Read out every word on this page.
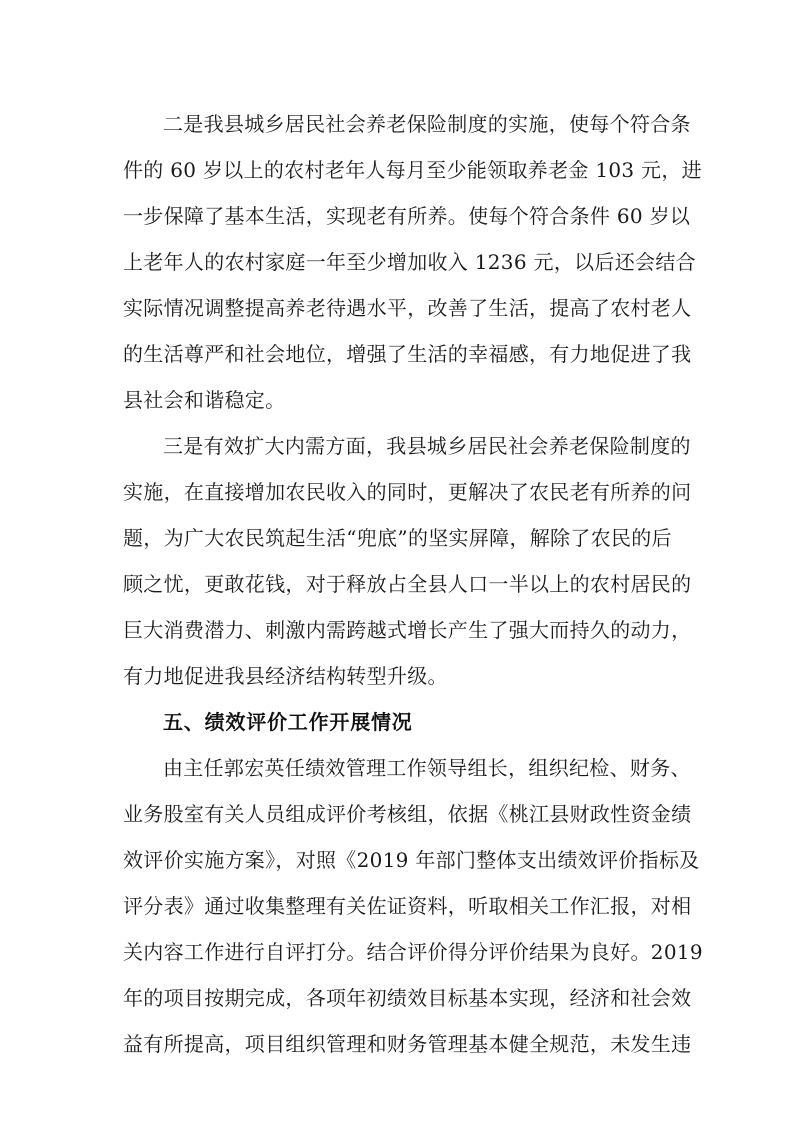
二是我县城乡居民社会养老保险制度的实施，使每个符合条
件的 60 岁以上的农村老年人每月至少能领取养老金 103 元，进
一步保障了基本生活，实现老有所养。使每个符合条件 60 岁以
上老年人的农村家庭一年至少增加收入 1236 元，以后还会结合
实际情况调整提高养老待遇水平，改善了生活，提高了农村老人
的生活尊严和社会地位，增强了生活的幸福感，有力地促进了我
县社会和谐稳定。
三是有效扩大内需方面，我县城乡居民社会养老保险制度的
实施，在直接增加农民收入的同时，更解决了农民老有所养的问
题，为广大农民筑起生活“兜底”的坚实屏障，解除了农民的后
顾之忧，更敢花钱，对于释放占全县人口一半以上的农村居民的
巨大消费潜力、刺激内需跨越式增长产生了强大而持久的动力，
有力地促进我县经济结构转型升级。
五、绩效评价工作开展情况
由主任郭宏英任绩效管理工作领导组长，组织纪检、财务、
业务股室有关人员组成评价考核组，依据《桃江县财政性资金绩
效评价实施方案》，对照《2019 年部门整体支出绩效评价指标及
评分表》通过收集整理有关佐证资料，听取相关工作汇报，对相
关内容工作进行自评打分。结合评价得分评价结果为良好。2019
年的项目按期完成，各项年初绩效目标基本实现，经济和社会效
益有所提高，项目组织管理和财务管理基本健全规范，未发生违
